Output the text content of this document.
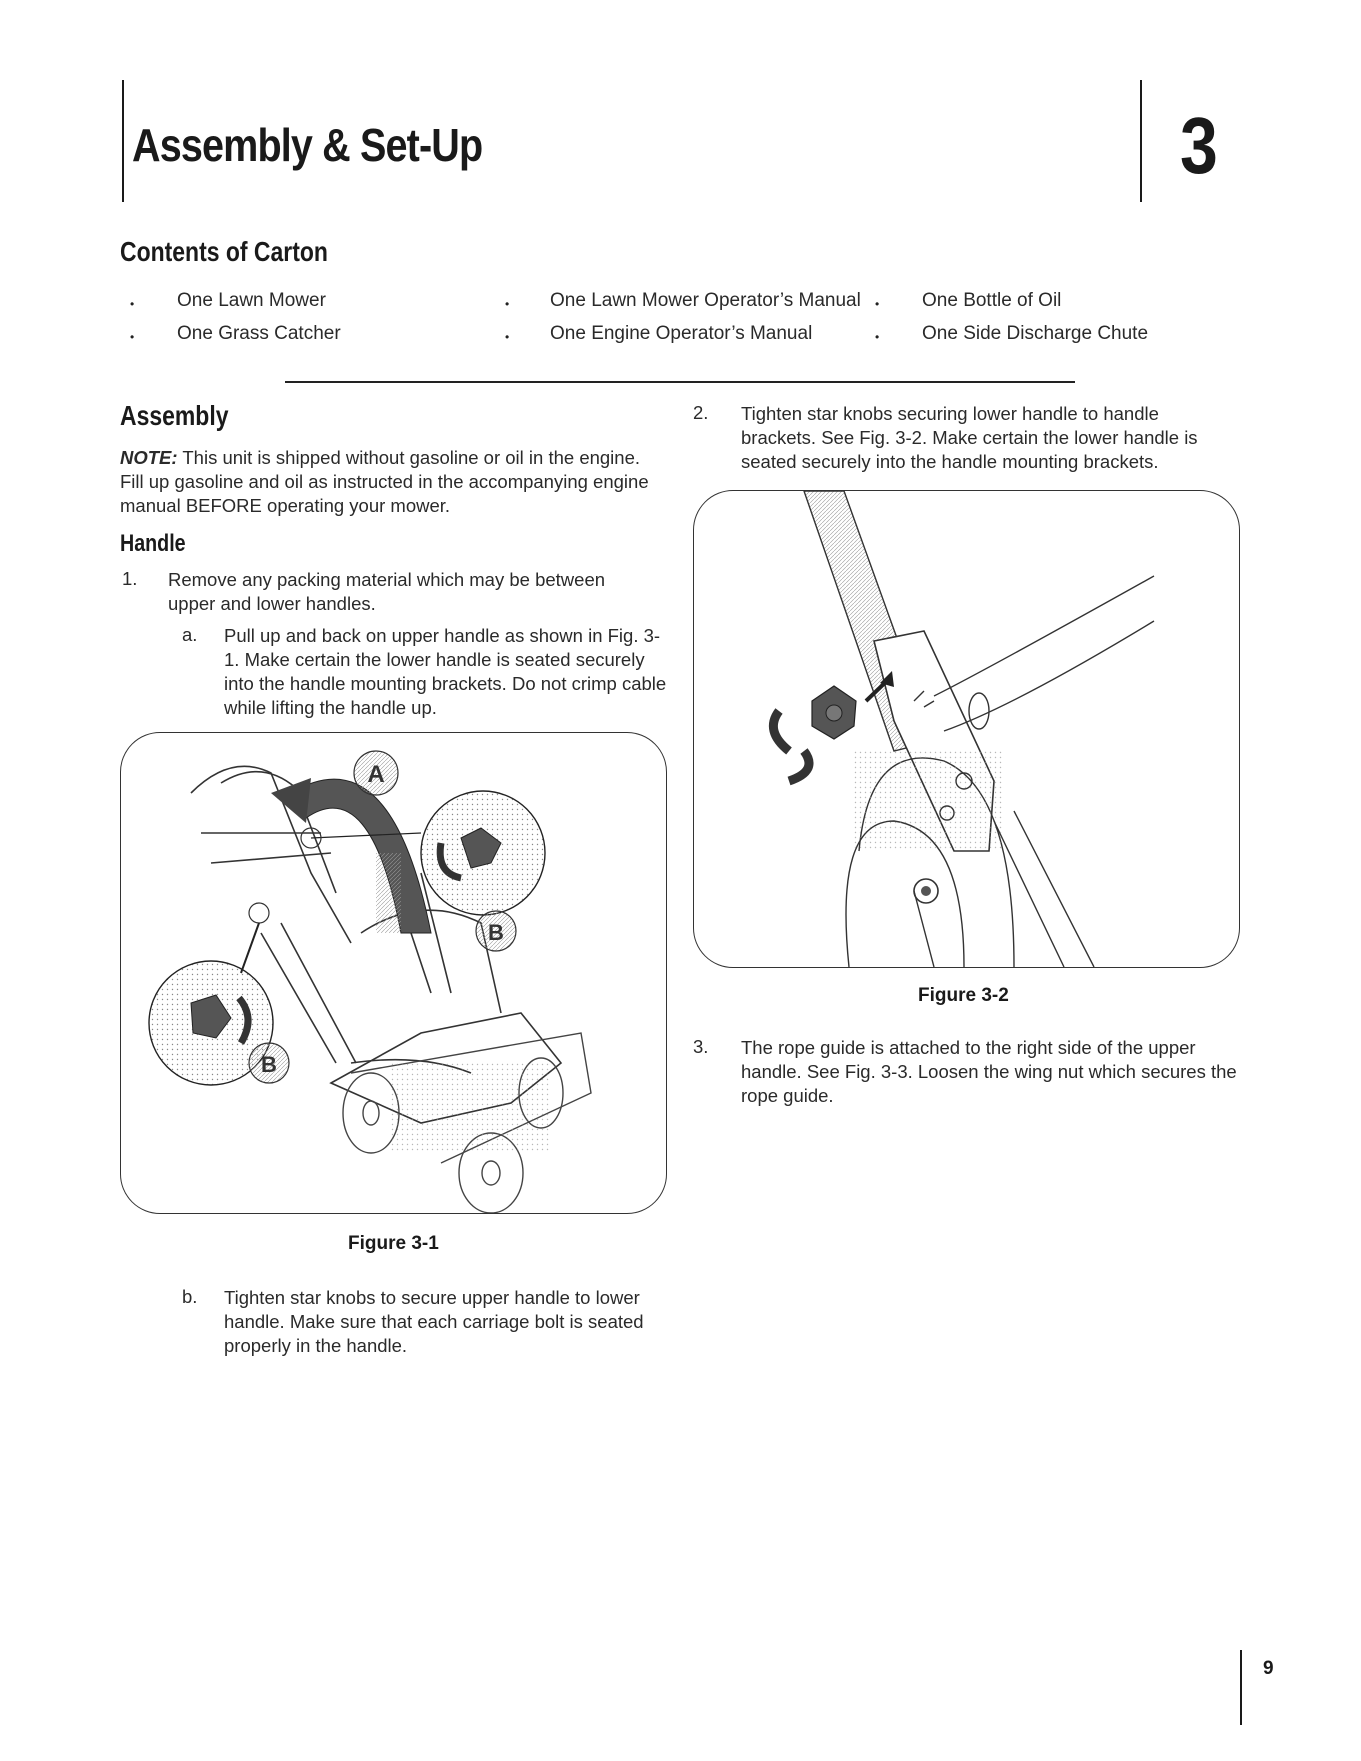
Assembly & Set-Up	3
Contents of Carton
• One Lawn Mower
• One Grass Catcher
• One Lawn Mower Operator’s Manual
• One Engine Operator’s Manual
• One Bottle of Oil
• One Side Discharge Chute
Assembly
NOTE: This unit is shipped without gasoline or oil in the engine. Fill up gasoline and oil as instructed in the accompanying engine manual BEFORE operating your mower.
Handle
1. Remove any packing material which may be between upper and lower handles.
a. Pull up and back on upper handle as shown in Fig. 3-1. Make certain the lower handle is seated securely into the handle mounting brackets. Do not crimp cable while lifting the handle up.
A
B
B
Figure 3-1
b. Tighten star knobs to secure upper handle to lower handle. Make sure that each carriage bolt is seated properly in the handle.
2. Tighten star knobs securing lower handle to handle brackets. See Fig. 3-2. Make certain the lower handle is seated securely into the handle mounting brackets.
Figure 3-2
3. The rope guide is attached to the right side of the upper handle. See Fig. 3-3. Loosen the wing nut which secures the rope guide.
9
